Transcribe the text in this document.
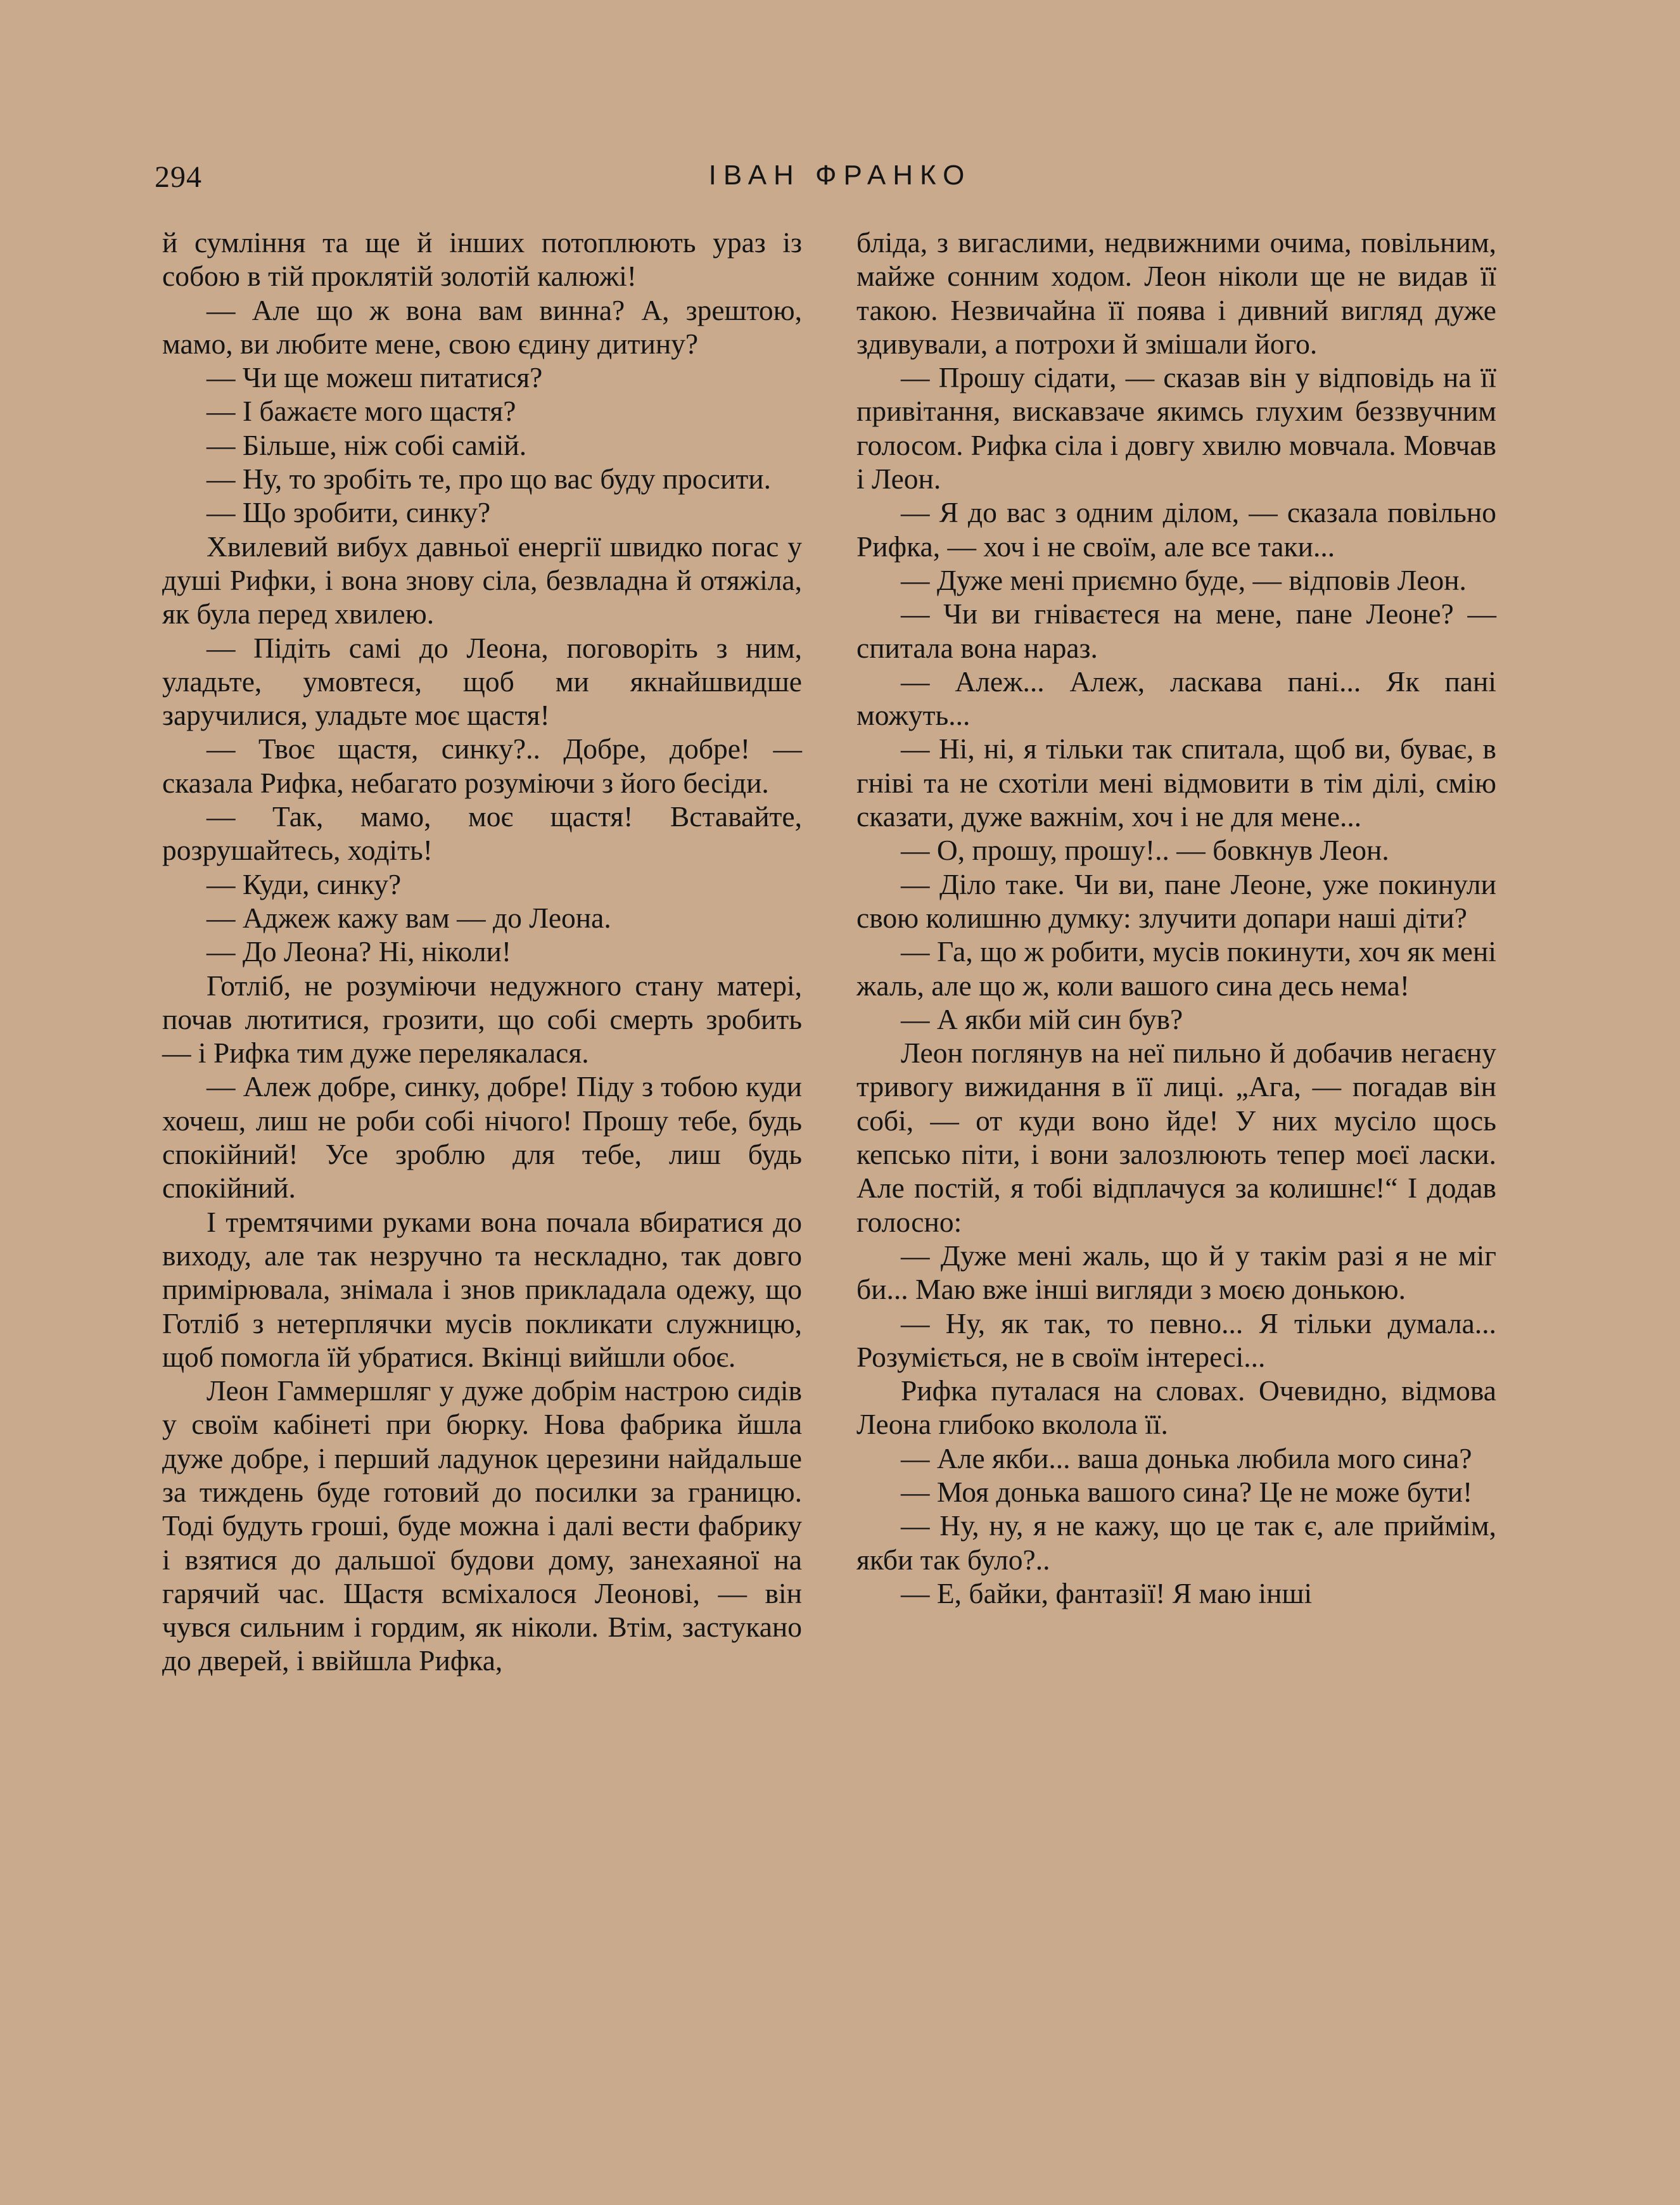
294	ІВАН ФРАНКО

й сумління та ще й інших потоплюють ураз із собою в тій проклятій золотій калюжі!

— Але що ж вона вам винна? А, зрештою, мамо, ви любите мене, свою єдину дитину?

— Чи ще можеш питатися?

— І бажаєте мого щастя?

— Більше, ніж собі самій.

— Ну, то зробіть те, про що вас буду просити.

— Що зробити, синку?

Хвилевий вибух давньої енергії швидко погас у душі Рифки, і вона знову сіла, безвладна й отяжіла, як була перед хвилею.

— Підіть самі до Леона, поговоріть з ним, уладьте, умовтеся, щоб ми якнайшвидше заручилися, уладьте моє щастя!

— Твоє щастя, синку?.. Добре, добре! — сказала Рифка, небагато розуміючи з його бесіди.

— Так, мамо, моє щастя! Вставайте, розрушайтесь, ходіть!

— Куди, синку?

— Аджеж кажу вам — до Леона.

— До Леона? Ні, ніколи!

Готліб, не розуміючи недужного стану матері, почав лютитися, грозити, що собі смерть зробить — і Рифка тим дуже перелякалася.

— Алеж добре, синку, добре! Піду з тобою куди хочеш, лиш не роби собі нічого! Прошу тебе, будь спокійний! Усе зроблю для тебе, лиш будь спокійний.

І тремтячими руками вона почала вбиратися до виходу, але так незручно та нескладно, так довго примірювала, знімала і знов прикладала одежу, що Готліб з нетерплячки мусів покликати служницю, щоб помогла їй убратися. Вкінці вийшли обоє.

Леон Гаммершляг у дуже добрім настрою сидів у своїм кабінеті при бюрку. Нова фабрика йшла дуже добре, і перший ладунок церезини найдальше за тиждень буде готовий до посилки за границю. Тоді будуть гроші, буде можна і далі вести фабрику і взятися до дальшої будови дому, занехаяної на гарячий час. Щастя всміхалося Леонові, — він чувся сильним і гордим, як ніколи. Втім, застукано до дверей, і ввійшла Рифка,

бліда, з вигаслими, недвижними очима, повільним, майже сонним ходом. Леон ніколи ще не видав її такою. Незвичайна її поява і дивний вигляд дуже здивували, а потрохи й змішали його.

— Прошу сідати, — сказав він у відповідь на її привітання, вискавзаче якимсь глухим беззвучним голосом. Рифка сіла і довгу хвилю мовчала. Мовчав і Леон.

— Я до вас з одним ділом, — сказала повільно Рифка, — хоч і не своїм, але все таки...

— Дуже мені приємно буде, — відповів Леон.

— Чи ви гніваєтеся на мене, пане Леоне? — спитала вона нараз.

— Алеж... Алеж, ласкава пані... Як пані можуть...

— Ні, ні, я тільки так спитала, щоб ви, буває, в гніві та не схотіли мені відмовити в тім ділі, смію сказати, дуже важнім, хоч і не для мене...

— О, прошу, прошу!.. — бовкнув Леон.

— Діло таке. Чи ви, пане Леоне, уже покинули свою колишню думку: злучити допари наші діти?

— Га, що ж робити, мусів покинути, хоч як мені жаль, але що ж, коли вашого сина десь нема!

— А якби мій син був?

Леон поглянув на неї пильно й добачив негаєну тривогу вижидання в її лиці. „Ага, — погадав він собі, — от куди воно йде! У них мусіло щось кепсько піти, і вони залозлюють тепер моєї ласки. Але постій, я тобі відплачуся за колишнє!“ І додав голосно:

— Дуже мені жаль, що й у такім разі я не міг би... Маю вже інші вигляди з моєю донькою.

— Ну, як так, то певно... Я тільки думала... Розуміється, не в своїм інтересі...

Рифка путалася на словах. Очевидно, відмова Леона глибоко вколола її.

— Але якби... ваша донька любила мого сина?

— Моя донька вашого сина? Це не може бути!

— Ну, ну, я не кажу, що це так є, але приймім, якби так було?..

— Е, байки, фантазії! Я маю інші
